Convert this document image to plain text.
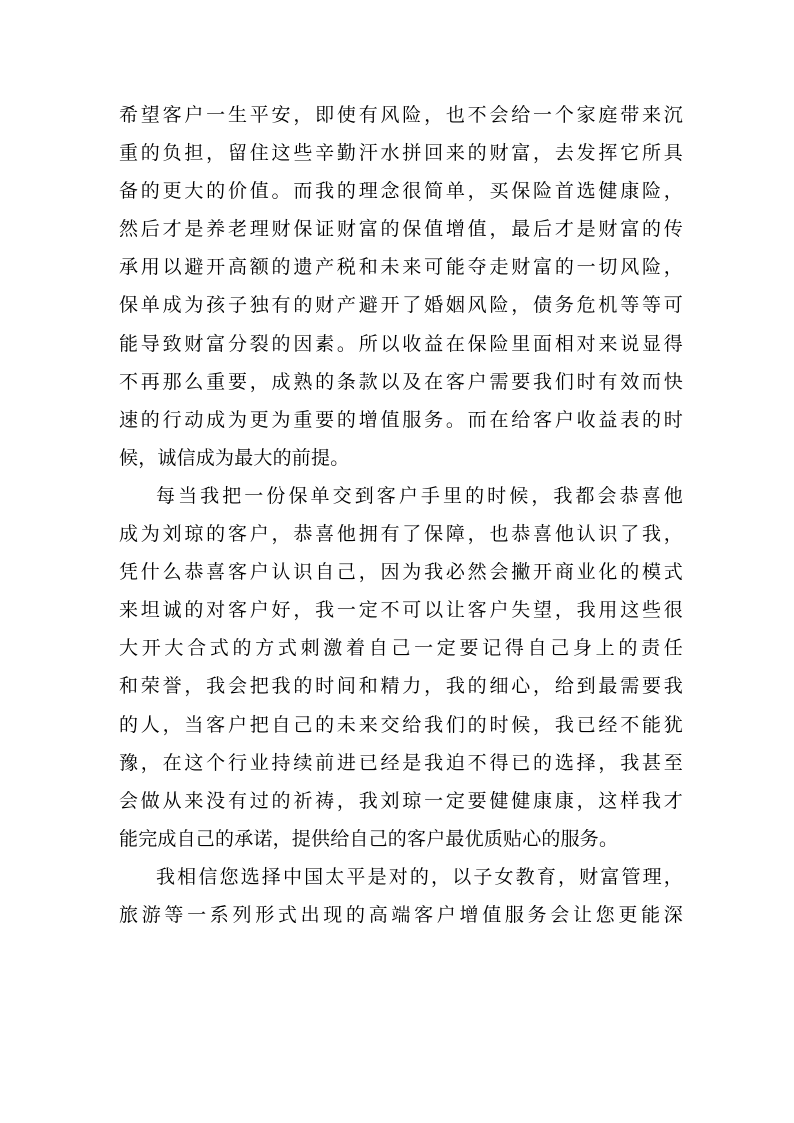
希望客户一生平安，即使有风险，也不会给一个家庭带来沉
重的负担，留住这些辛勤汗水拼回来的财富，去发挥它所具
备的更大的价值。而我的理念很简单，买保险首选健康险，
然后才是养老理财保证财富的保值增值，最后才是财富的传
承用以避开高额的遗产税和未来可能夺走财富的一切风险，
保单成为孩子独有的财产避开了婚姻风险，债务危机等等可
能导致财富分裂的因素。所以收益在保险里面相对来说显得
不再那么重要，成熟的条款以及在客户需要我们时有效而快
速的行动成为更为重要的增值服务。而在给客户收益表的时
候，诚信成为最大的前提。
每当我把一份保单交到客户手里的时候，我都会恭喜他
成为刘琼的客户，恭喜他拥有了保障，也恭喜他认识了我，
凭什么恭喜客户认识自己，因为我必然会撇开商业化的模式
来坦诚的对客户好，我一定不可以让客户失望，我用这些很
大开大合式的方式刺激着自己一定要记得自己身上的责任
和荣誉，我会把我的时间和精力，我的细心，给到最需要我
的人，当客户把自己的未来交给我们的时候，我已经不能犹
豫，在这个行业持续前进已经是我迫不得已的选择，我甚至
会做从来没有过的祈祷，我刘琼一定要健健康康，这样我才
能完成自己的承诺，提供给自己的客户最优质贴心的服务。
我相信您选择中国太平是对的，以子女教育，财富管理，
旅游等一系列形式出现的高端客户增值服务会让您更能深
